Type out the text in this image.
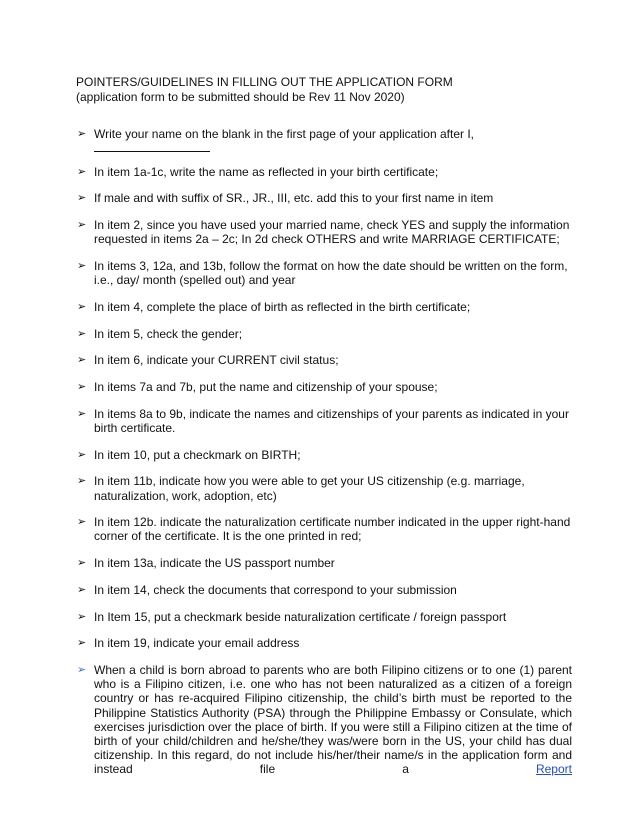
POINTERS/GUIDELINES IN FILLING OUT THE APPLICATION FORM
(application form to be submitted should be Rev 11 Nov 2020)
➢ Write your name on the blank in the first page of your application after I,
➢ In item 1a-1c, write the name as reflected in your birth certificate;
➢ If male and with suffix of SR., JR., III, etc. add this to your first name in item
➢ In item 2, since you have used your married name, check YES and supply the information requested in items 2a – 2c; In 2d check OTHERS and write MARRIAGE CERTIFICATE;
➢ In items 3, 12a, and 13b, follow the format on how the date should be written on the form, i.e., day/ month (spelled out) and year
➢ In item 4, complete the place of birth as reflected in the birth certificate;
➢ In item 5, check the gender;
➢ In item 6, indicate your CURRENT civil status;
➢ In items 7a and 7b, put the name and citizenship of your spouse;
➢ In items 8a to 9b, indicate the names and citizenships of your parents as indicated in your birth certificate.
➢ In item 10, put a checkmark on BIRTH;
➢ In item 11b, indicate how you were able to get your US citizenship (e.g. marriage, naturalization, work, adoption, etc)
➢ In item 12b. indicate the naturalization certificate number indicated in the upper right-hand corner of the certificate. It is the one printed in red;
➢ In item 13a, indicate the US passport number
➢ In item 14, check the documents that correspond to your submission
➢ In Item 15, put a checkmark beside naturalization certificate / foreign passport
➢ In item 19, indicate your email address
➢ When a child is born abroad to parents who are both Filipino citizens or to one (1) parent who is a Filipino citizen, i.e. one who has not been naturalized as a citizen of a foreign country or has re-acquired Filipino citizenship, the child’s birth must be reported to the Philippine Statistics Authority (PSA) through the Philippine Embassy or Consulate, which exercises jurisdiction over the place of birth. If you were still a Filipino citizen at the time of birth of your child/children and he/she/they was/were born in the US, your child has dual citizenship. In this regard, do not include his/her/their name/s in the application form and instead file a	Report
